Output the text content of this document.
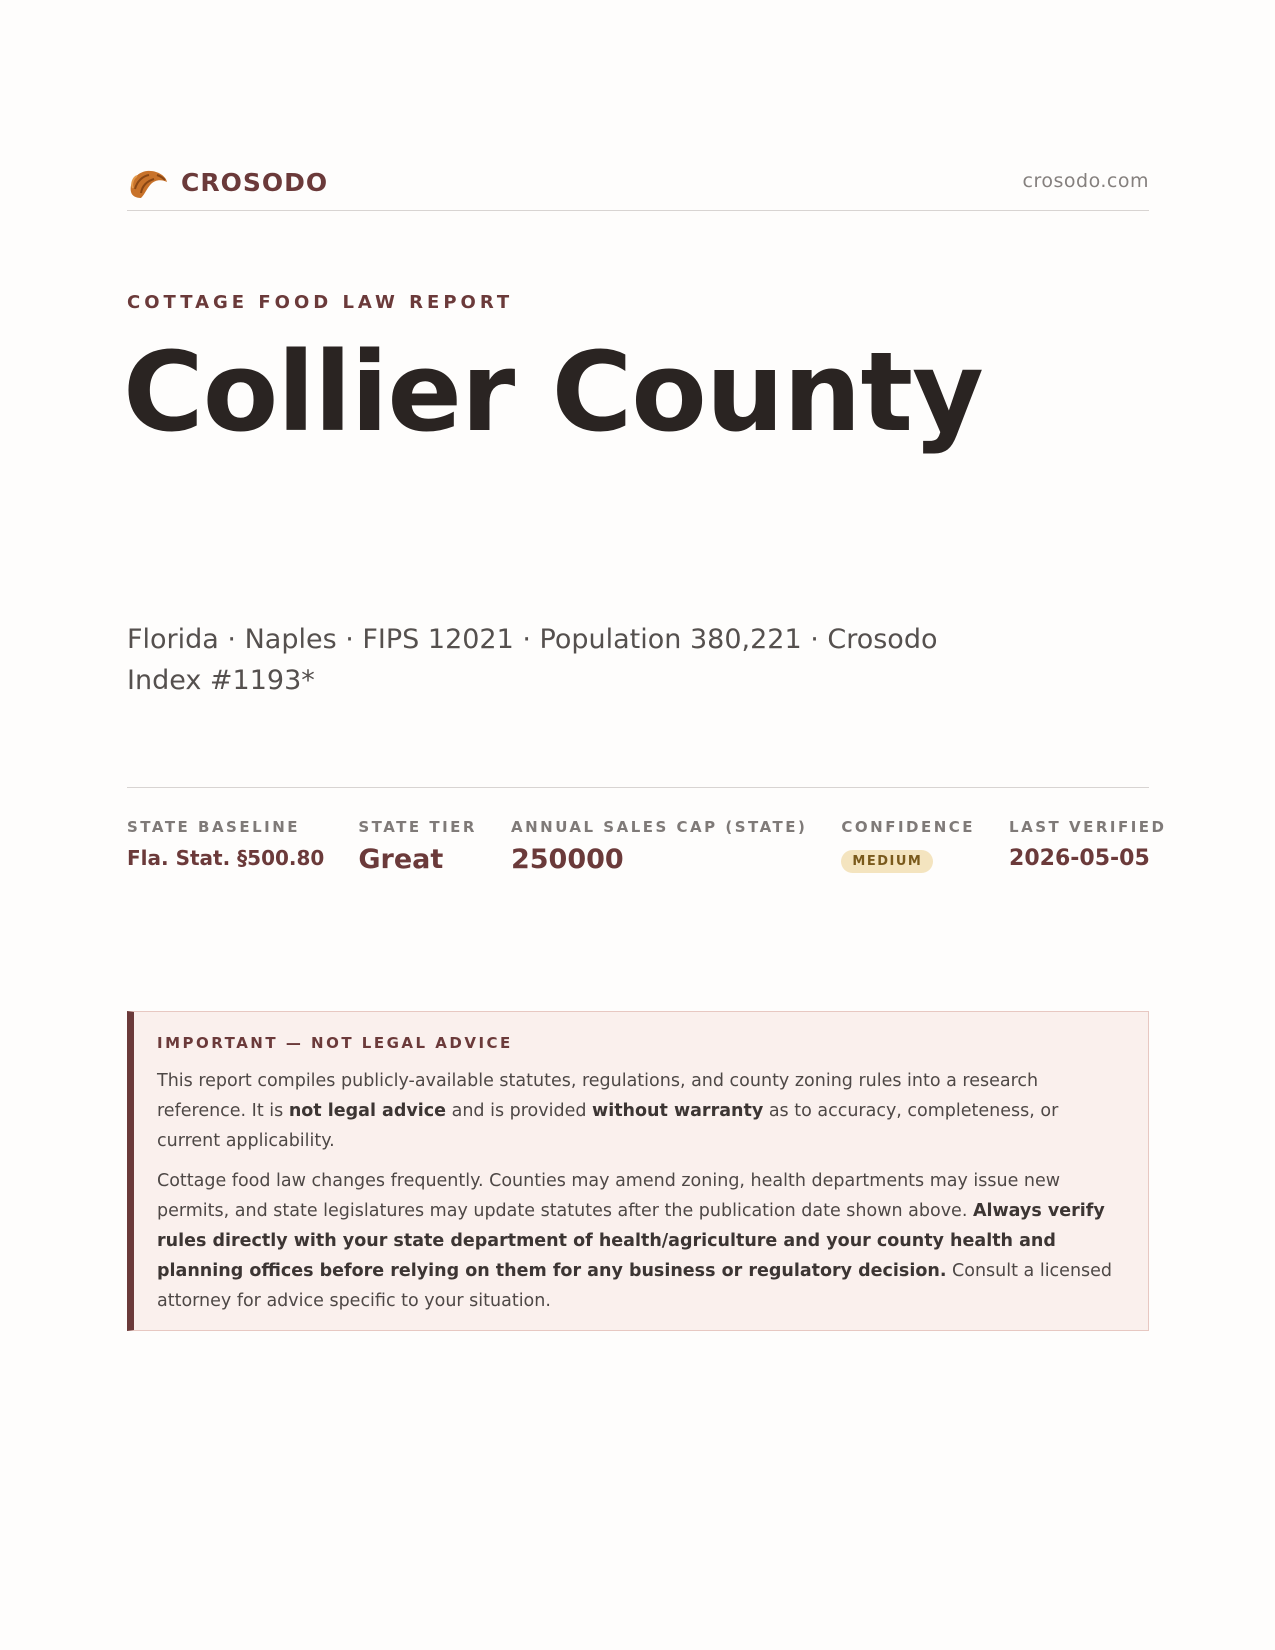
CROSODO	crosodo.com
COTTAGE FOOD LAW REPORT
Collier County
Florida · Naples · FIPS 12021 · Population 380,221 · Crosodo Index #1193*
STATE BASELINE
Fla. Stat. §500.80
STATE TIER
Great
ANNUAL SALES CAP (STATE)
250000
CONFIDENCE
MEDIUM
LAST VERIFIED
2026-05-05
IMPORTANT — NOT LEGAL ADVICE

This report compiles publicly-available statutes, regulations, and county zoning rules into a research reference. It is not legal advice and is provided without warranty as to accuracy, completeness, or current applicability.

Cottage food law changes frequently. Counties may amend zoning, health departments may issue new permits, and state legislatures may update statutes after the publication date shown above. Always verify rules directly with your state department of health/agriculture and your county health and planning offices before relying on them for any business or regulatory decision. Consult a licensed attorney for advice specific to your situation.
